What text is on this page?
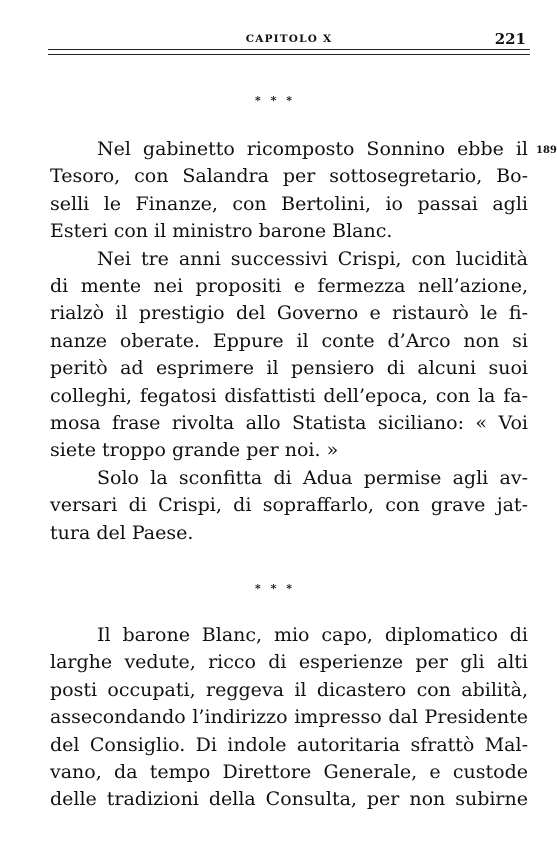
CAPITOLO X	221
189
* * *
Nel gabinetto ricomposto Sonnino ebbe il
Tesoro, con Salandra per sottosegretario, Bo-
selli le Finanze, con Bertolini, io passai agli
Esteri con il ministro barone Blanc.
Nei tre anni successivi Crispi, con lucidità
di mente nei propositi e fermezza nell’azione,
rialzò il prestigio del Governo e ristaurò le fi-
nanze oberate. Eppure il conte d’Arco non si
peritò ad esprimere il pensiero di alcuni suoi
colleghi, fegatosi disfattisti dell’epoca, con la fa-
mosa frase rivolta allo Statista siciliano: « Voi
siete troppo grande per noi. »
Solo la sconfitta di Adua permise agli av-
versari di Crispi, di sopraffarlo, con grave jat-
tura del Paese.
* * *
Il barone Blanc, mio capo, diplomatico di
larghe vedute, ricco di esperienze per gli alti
posti occupati, reggeva il dicastero con abilità,
assecondando l’indirizzo impresso dal Presidente
del Consiglio. Di indole autoritaria sfrattò Mal-
vano, da tempo Direttore Generale, e custode
delle tradizioni della Consulta, per non subirne
